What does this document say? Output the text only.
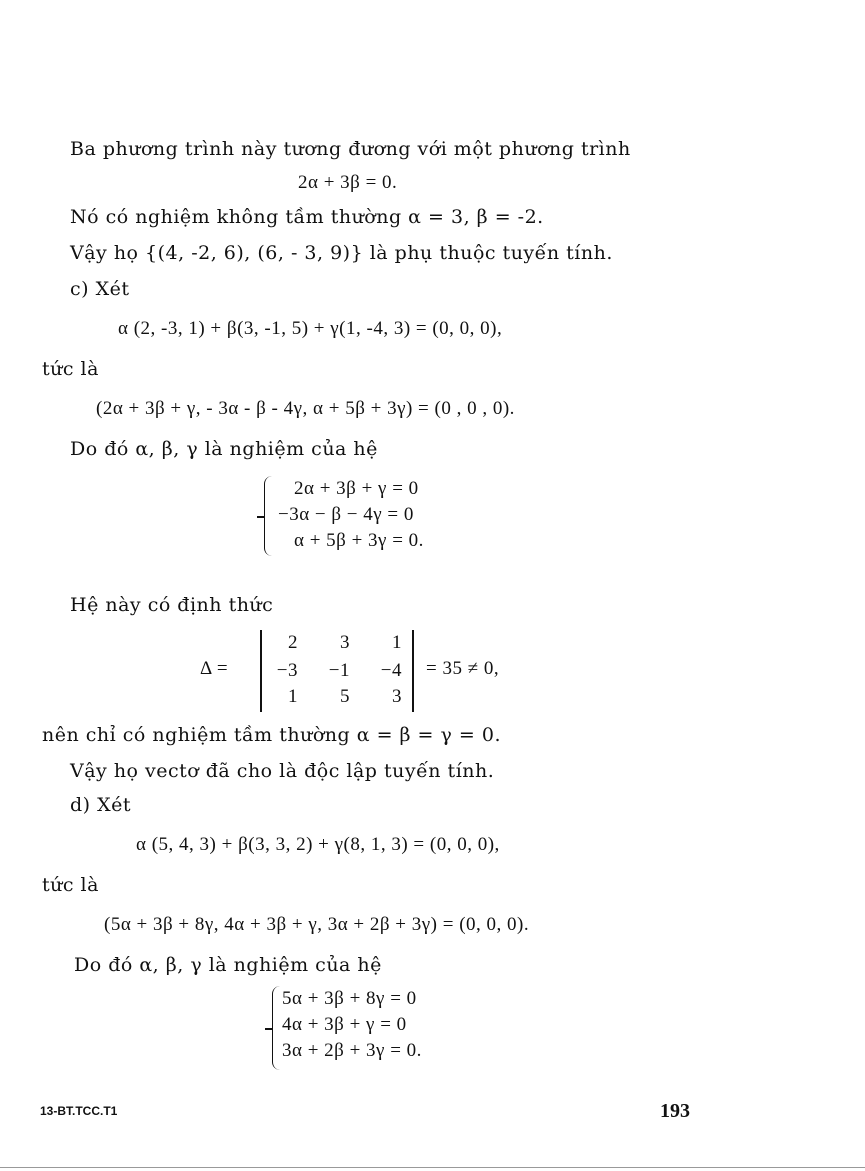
Ba phương trình này tương đương với một phương trình
2α + 3β = 0.
Nó có nghiệm không tầm thường α = 3, β = -2.
Vậy họ {(4, -2, 6), (6, - 3, 9)} là phụ thuộc tuyến tính.
c) Xét
α (2, -3, 1) + β(3, -1, 5) + γ(1, -4, 3) = (0, 0, 0),
tức là
(2α + 3β + γ, - 3α - β - 4γ, α + 5β + 3γ) = (0 , 0 , 0).
Do đó α, β, γ là nghiệm của hệ
2α + 3β + γ = 0
−3α − β − 4γ = 0
α + 5β + 3γ = 0.
Hệ này có định thức
Δ =
2	3	1
−3	−1	−4
1	5	3
= 35 ≠ 0,
nên chỉ có nghiệm tầm thường α = β = γ = 0.
Vậy họ vectơ đã cho là độc lập tuyến tính.
d) Xét
α (5, 4, 3) + β(3, 3, 2) + γ(8, 1, 3) = (0, 0, 0),
tức là
(5α + 3β + 8γ, 4α + 3β + γ, 3α + 2β + 3γ) = (0, 0, 0).
Do đó α, β, γ là nghiệm của hệ
5α + 3β + 8γ = 0
4α + 3β + γ = 0
3α + 2β + 3γ = 0.
13-BT.TCC.T1	193
